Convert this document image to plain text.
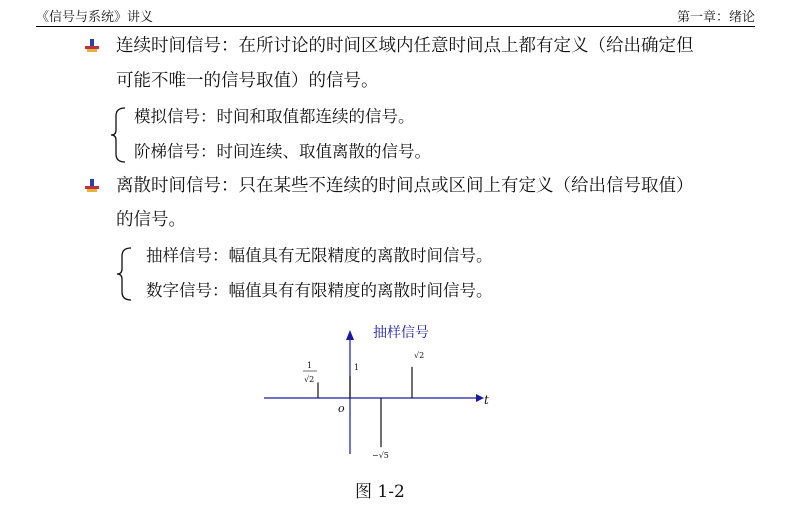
《信号与系统》讲义	第一章：绪论
连续时间信号：在所讨论的时间区域内任意时间点上都有定义（给出确定但
可能不唯一的信号取值）的信号。
模拟信号：时间和取值都连续的信号。
阶梯信号：时间连续、取值离散的信号。
离散时间信号：只在某些不连续的时间点或区间上有定义（给出信号取值）
的信号。
抽样信号：幅值具有无限精度的离散时间信号。
数字信号：幅值具有有限精度的离散时间信号。
抽样信号
t
o
1
√2
1
√2
−√5
图 1-2
